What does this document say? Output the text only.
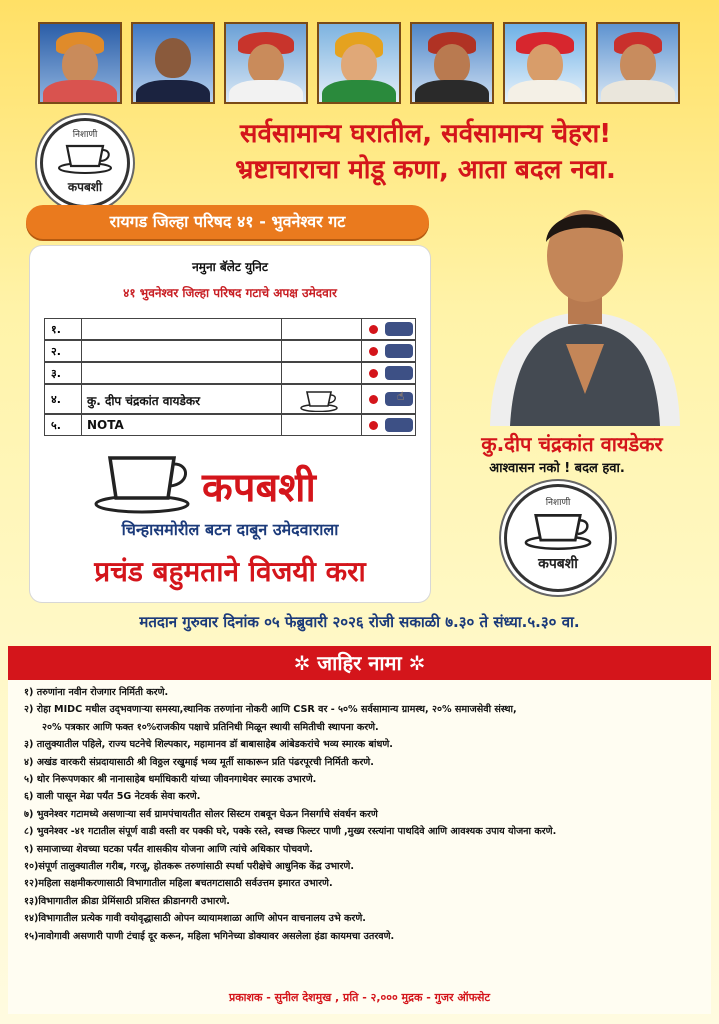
निशाणी
कपबशी
सर्वसामान्य घरातील, सर्वसामान्य चेहरा!
भ्रष्टाचाराचा मोडू कणा, आता बदल नवा.
रायगड जिल्हा परिषद ४१ - भुवनेश्वर गट
नमुना बॅलेट युनिट
४१ भुवनेश्वर जिल्हा परिषद गटाचे अपक्ष उमेदवार
१.
२.
३.
४. कु. दीप चंद्रकांत वायडेकर	☝
५. NOTA
कपबशी
चिन्हासमोरील बटन दाबून उमेदवाराला
प्रचंड बहुमताने विजयी करा
कु.दीप चंद्रकांत वायडेकर
आश्वासन नको ! बदल हवा.
निशाणी
कपबशी
मतदान गुरुवार दिनांक ०५ फेब्रुवारी २०२६ रोजी सकाळी ७.३० ते संध्या.५.३० वा.
✲ जाहिर नामा ✲
१) तरुणांना नवीन रोजगार निर्मिती करणे.
२) रोहा MIDC मधील उद्‌भवणाऱ्या समस्या,स्थानिक तरुणांना नोकरी आणि CSR वर - ५०% सर्वसामान्य ग्रामस्थ, २०% समाजसेवी संस्था,
२०% पत्रकार आणि फक्त १०%राजकीय पक्षाचे प्रतिनिधी मिळून स्थायी समितीची स्थापना करणे.
३) तालुक्यातील पहिले, राज्य घटनेचे शिल्पकार, महामानव डॉ बाबासाहेब आंबेडकरांचे भव्य स्मारक बांधणे.
४) अखंड वारकरी संप्रदायासाठी श्री विठ्ठल रखुमाई भव्य मूर्ती साकारून प्रति पंढरपूरची निर्मिती करणे.
५) थोर निरूपणकार श्री नानासाहेब धर्माधिकारी यांच्या जीवनगाथेवर स्मारक उभारणे.
६) वाली पासून मेढा पर्यंत 5G नेटवर्क सेवा करणे.
७) भुवनेश्वर गटामध्ये असणाऱ्या सर्व ग्रामपंचायतीत सोलर सिस्टम राबवून घेऊन निसर्गाचे संवर्धन करणे
८) भुवनेश्वर -४१ गटातील संपूर्ण वाडी वस्ती वर पक्की घरे, पक्के रस्ते, स्वच्छ फिल्टर पाणी ,मुख्य रस्त्यांना पाथदिवे आणि आवश्यक उपाय योजना करणे.
९) समाजाच्या शेवच्या घटका पर्यंत शासकीय योजना आणि त्यांचे अधिकार पोचवणे.
१०)संपूर्ण तालुक्यातील गरीब, गरजू, होतकरू तरुणांसाठी स्पर्धा परीक्षेचे आधुनिक केंद्र उभारणे.
१२)महिला सक्षमीकरणासाठी विभागातील महिला बचतगटासाठी सर्वउत्तम इमारत उभारणे.
१३)विभागातील क्रीडा प्रेमिंसाठी प्रशिस्त क्रीडानगरी उभारणे.
१४)विभागातील प्रत्येक गावी वयोवृद्धासाठी ओपन व्यायामशाळा आणि ओपन वाचनालय उभे करणे.
१५)नावोगावी असणारी पाणी टंचाई दूर करून, महिला भगिनेच्या डोक्यावर असलेला हंडा कायमचा उतरवणे.
प्रकाशक - सुनील देशमुख , प्रति - २,००० मुद्रक - गुजर ऑफसेट
